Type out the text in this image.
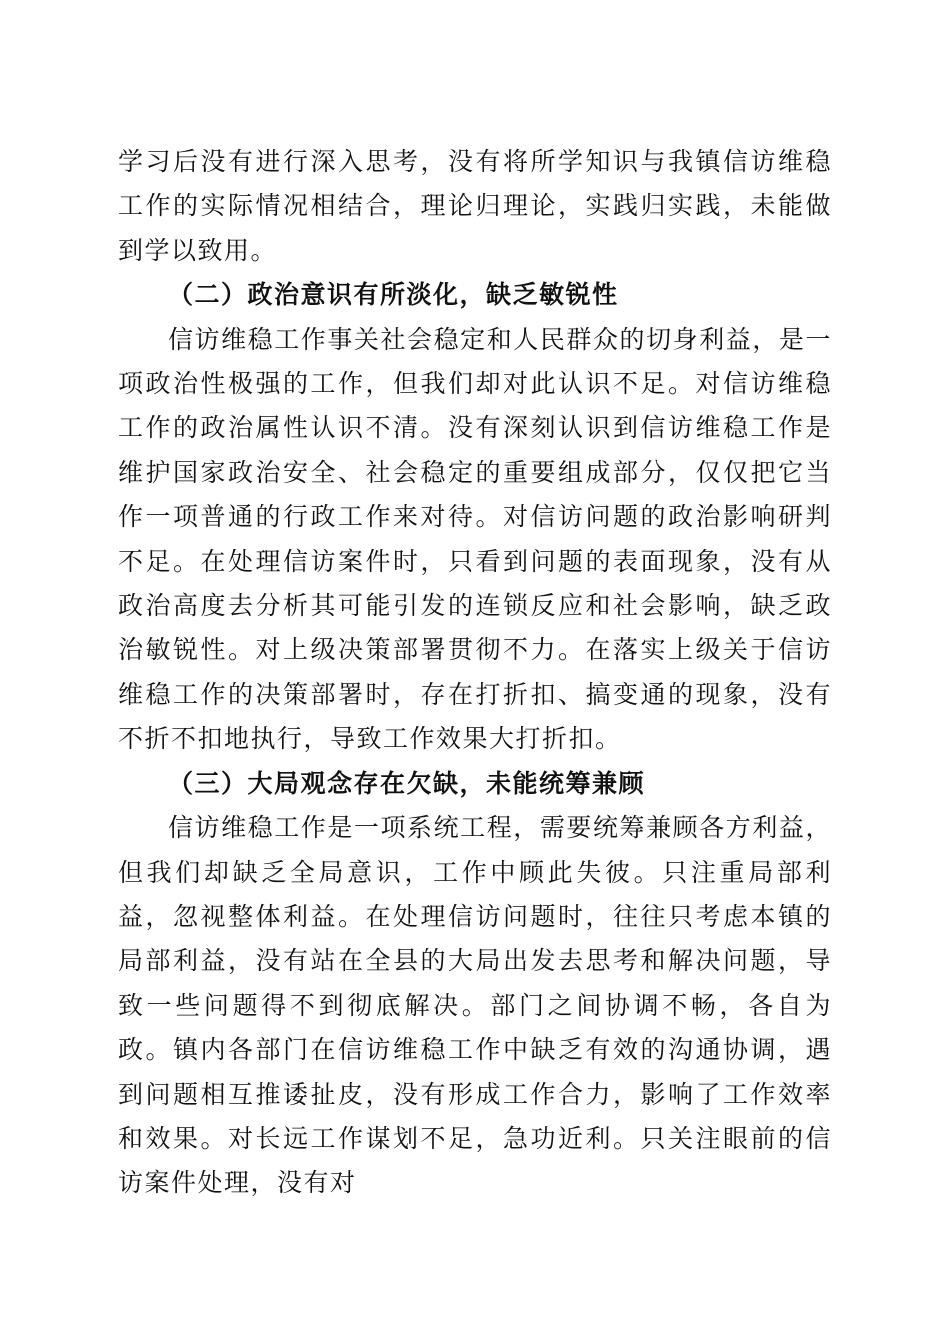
学习后没有进行深入思考，没有将所学知识与我镇信访维稳工作的实际情况相结合，理论归理论，实践归实践，未能做到学以致用。

（二）政治意识有所淡化，缺乏敏锐性

信访维稳工作事关社会稳定和人民群众的切身利益，是一项政治性极强的工作，但我们却对此认识不足。对信访维稳工作的政治属性认识不清。没有深刻认识到信访维稳工作是维护国家政治安全、社会稳定的重要组成部分，仅仅把它当作一项普通的行政工作来对待。对信访问题的政治影响研判不足。在处理信访案件时，只看到问题的表面现象，没有从政治高度去分析其可能引发的连锁反应和社会影响，缺乏政治敏锐性。对上级决策部署贯彻不力。在落实上级关于信访维稳工作的决策部署时，存在打折扣、搞变通的现象，没有不折不扣地执行，导致工作效果大打折扣。

（三）大局观念存在欠缺，未能统筹兼顾

信访维稳工作是一项系统工程，需要统筹兼顾各方利益，但我们却缺乏全局意识，工作中顾此失彼。只注重局部利益，忽视整体利益。在处理信访问题时，往往只考虑本镇的局部利益，没有站在全县的大局出发去思考和解决问题，导致一些问题得不到彻底解决。部门之间协调不畅，各自为政。镇内各部门在信访维稳工作中缺乏有效的沟通协调，遇到问题相互推诿扯皮，没有形成工作合力，影响了工作效率和效果。对长远工作谋划不足，急功近利。只关注眼前的信访案件处理，没有对
